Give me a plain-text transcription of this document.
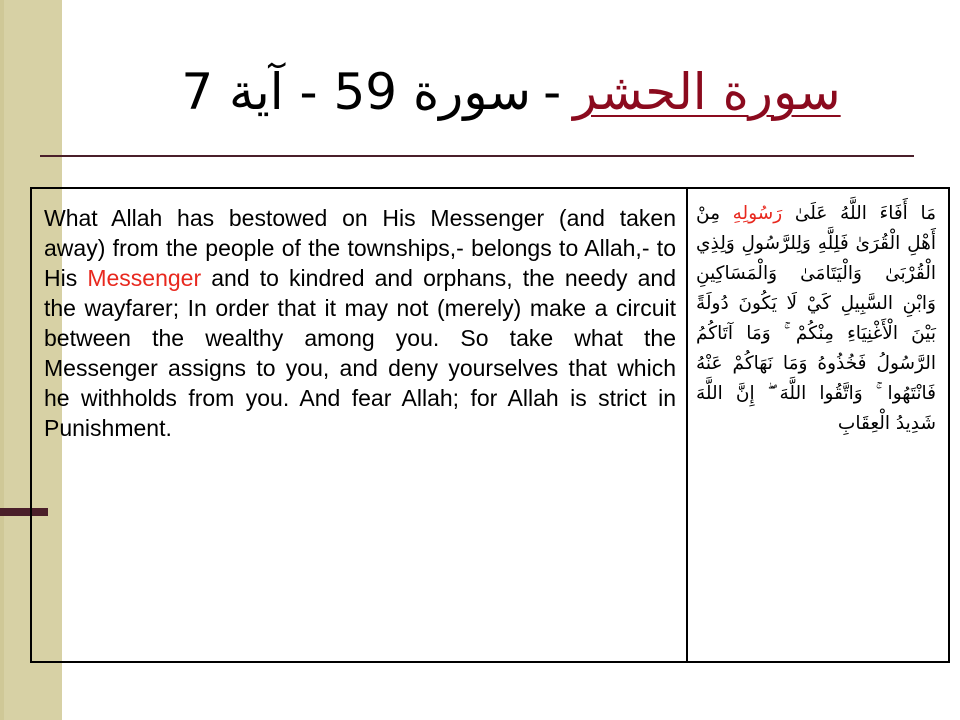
سورة الحشر-سورة 59 - آية 7
What Allah has bestowed on His Messenger (and taken away) from the people of the townships,- belongs to Allah,- to His Messenger and to kindred and orphans, the needy and the wayfarer; In order that it may not (merely) make a circuit between the wealthy among you. So take what the Messenger assigns to you, and deny yourselves that which he withholds from you. And fear Allah; for Allah is strict in Punishment.
مَا أَفَاءَ اللَّهُ عَلَىٰ رَسُولِهِ مِنْ أَهْلِ الْقُرَىٰ فَلِلَّهِ وَلِلرَّسُولِ وَلِذِي الْقُرْبَىٰ وَالْيَتَامَىٰ وَالْمَسَاكِينِ وَابْنِ السَّبِيلِ كَيْ لَا يَكُونَ دُولَةً بَيْنَ الْأَغْنِيَاءِ مِنْكُمْ ۚ وَمَا آتَاكُمُ الرَّسُولُ فَخُذُوهُ وَمَا نَهَاكُمْ عَنْهُ فَانْتَهُوا ۚ وَاتَّقُوا اللَّهَ ۖ إِنَّ اللَّهَ شَدِيدُ الْعِقَابِ
